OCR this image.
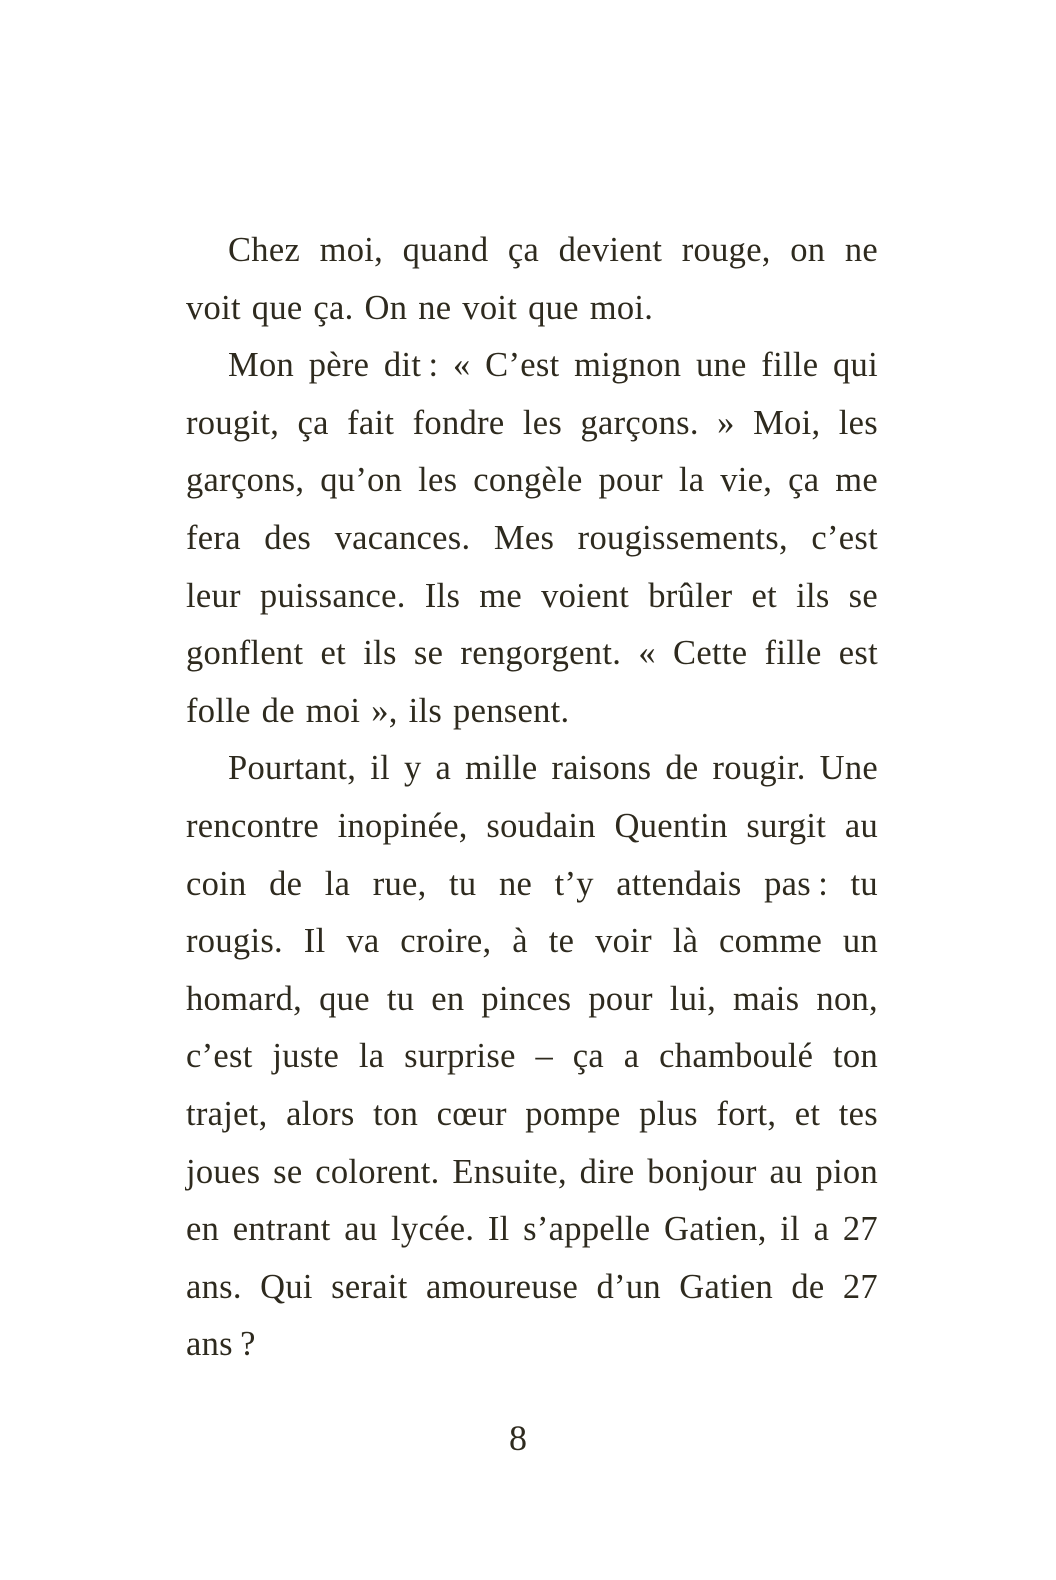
Chez moi, quand ça devient rouge, on ne voit que ça. On ne voit que moi.

Mon père dit : « C’est mignon une fille qui rougit, ça fait fondre les garçons. » Moi, les garçons, qu’on les congèle pour la vie, ça me fera des vacances. Mes rougissements, c’est leur puissance. Ils me voient brûler et ils se gonflent et ils se rengorgent. « Cette fille est folle de moi », ils pensent.

Pourtant, il y a mille raisons de rougir. Une rencontre inopinée, soudain Quentin surgit au coin de la rue, tu ne t’y attendais pas : tu rougis. Il va croire, à te voir là comme un homard, que tu en pinces pour lui, mais non, c’est juste la surprise – ça a chamboulé ton trajet, alors ton cœur pompe plus fort, et tes joues se colorent. Ensuite, dire bonjour au pion en entrant au lycée. Il s’appelle Gatien, il a 27 ans. Qui serait amoureuse d’un Gatien de 27 ans ?

8
